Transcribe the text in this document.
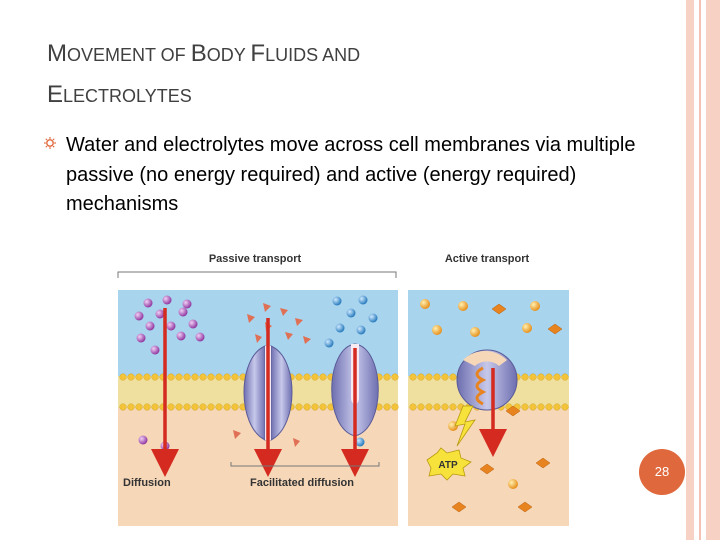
MOVEMENT OF BODY FLUIDS AND
ELECTROLYTES
Water and electrolytes move across cell membranes via multiple passive (no energy required) and active (energy required) mechanisms
Passive transport	Active transport
Diffusion	Facilitated diffusion
ATP	28
